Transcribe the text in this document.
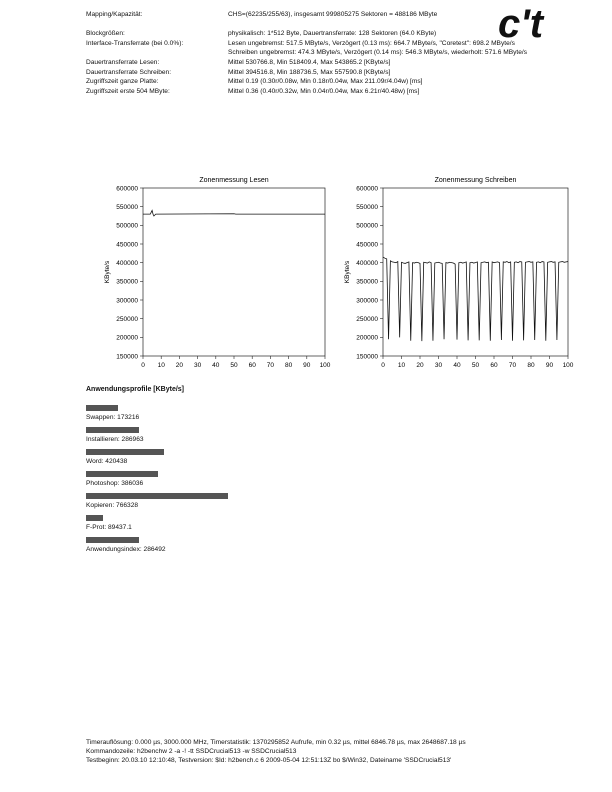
Mapping/Kapazität:	CHS=(62235/255/63), insgesamt 999805275 Sektoren = 488186 MByte

Blockgrößen:	physikalisch: 1*512 Byte, Dauertransferrate: 128 Sektoren (64.0 KByte)
Interface-Transferrate (bei 0.0%):	Lesen ungebremst: 517.5 MByte/s, Verzögert (0.13 ms): 664.7 MByte/s, "Coretest": 698.2 MByte/s
Schreiben ungebremst: 474.3 MByte/s, Verzögert (0.14 ms): 546.3 MByte/s, wiederholt: 571.6 MByte/s
Dauertransferrate Lesen:	Mittel 530766.8, Min 518409.4, Max 543865.2 [KByte/s]
Dauertransferrate Schreiben:	Mittel 394516.8, Min 188736.5, Max 557590.8 [KByte/s]
Zugriffszeit ganze Platte:	Mittel 0.19 (0.30r/0.08w, Min 0.18r/0.04w, Max 211.09r/4.04w) [ms]
Zugriffszeit erste 504 MByte:	Mittel 0.36 (0.40r/0.32w, Min 0.04r/0.04w, Max 6.21r/40.48w) [ms]
c't
Zonenmessung Lesen
600000
550000
500000
450000
400000
350000
300000
250000
200000
150000
0 10 20 30 40 50 60 70 80 90 100
KByte/s
Zonenmessung Schreiben
600000
550000
500000
450000
400000
350000
300000
250000
200000
150000
0 10 20 30 40 50 60 70 80 90 100
KByte/s
Anwendungsprofile [KByte/s]
Swappen: 173216
Installieren: 286963
Word: 420438
Photoshop: 386036
Kopieren: 766328
F-Prot: 89437.1
Anwendungsindex: 286492
Timerauflösung: 0.000 µs, 3000.000 MHz, Timerstatistik: 1370295852 Aufrufe, min 0.32 µs, mittel 6846.78 µs, max 2648687.18 µs
Kommandozeile: h2benchw 2 -a -! -tt SSDCrucial513 -w SSDCrucial513
Testbeginn: 20.03.10 12:10:48, Testversion: $Id: h2bench.c 6 2009-05-04 12:51:13Z bo $/Win32, Dateiname 'SSDCrucial513'
